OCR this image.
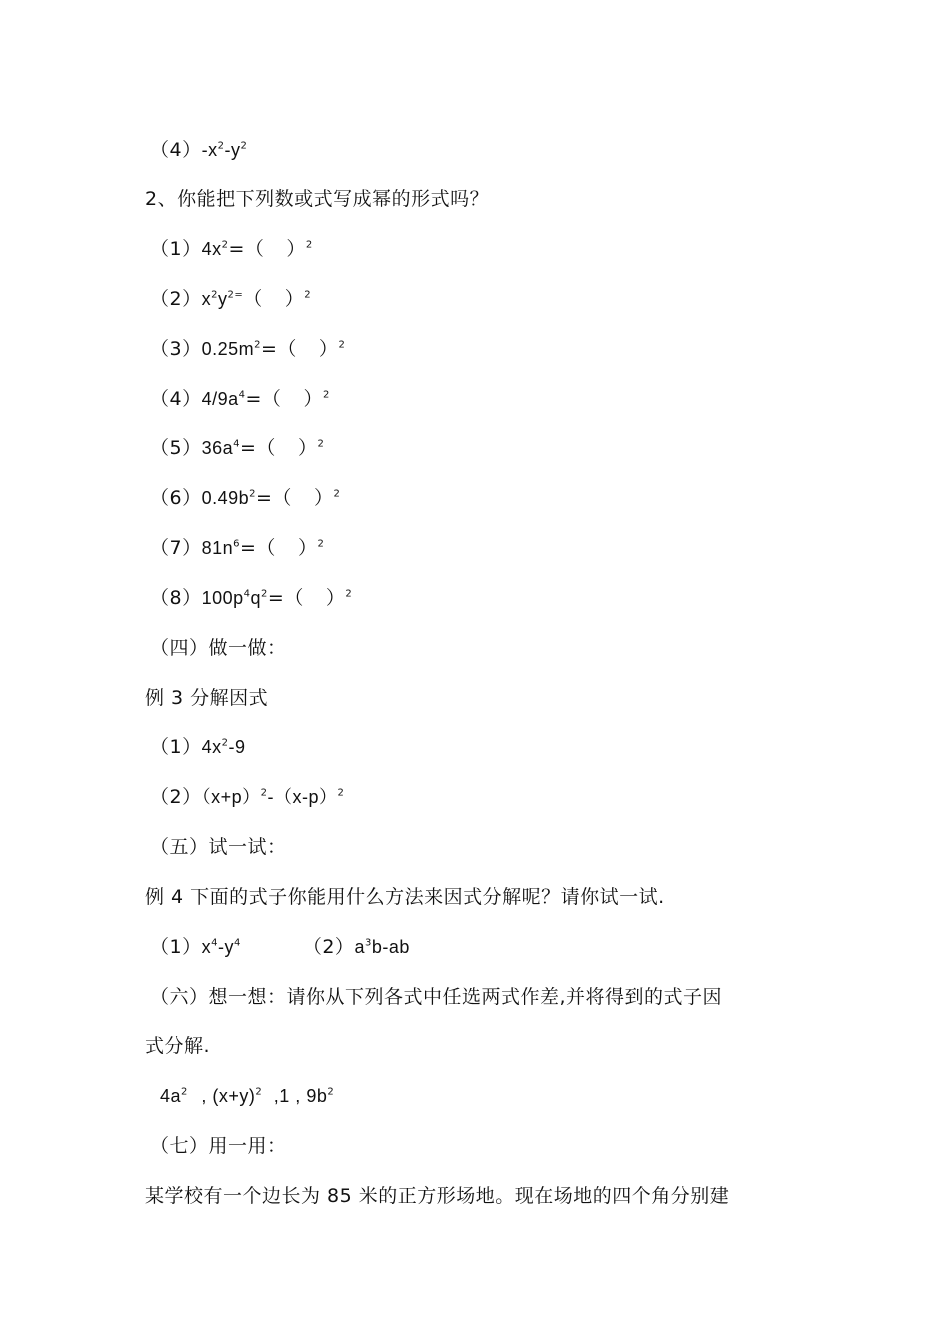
$(4)-x^2-y^2$
2、你能把下列数或式写成幂的形式吗？
$(1)4x^2=$（ ）$^2$
$(2)x^2y^{2=}$（ ）$^2$
$(3)0.25m^2=$（ ）$^2$
$(4)4/9a^4=$（ ）$^2$
$(5)36a^4=$（ ）$^2$
$(6)0.49b^2=$（ ）$^2$
$(7)81n^6=$（ ）$^2$
$(8)100p^4q^2=$（ ）$^2$
（四）做一做：
例 3 分解因式
$(1)4x^2-9$
$(2)(x+p)^2-(x-p)^2$
（五）试一试：
例 4 下面的式子你能用什么方法来因式分解呢？请你试一试.
$(1)x^4-y^4$	$(2)a^3b-ab$
（六）想一想：请你从下列各式中任选两式作差,并将得到的式子因
式分解.
$4a^2$ , $(x+y)^2$ ,1 , $9b^2$
（七）用一用：
某学校有一个边长为 85 米的正方形场地。现在场地的四个角分别建
